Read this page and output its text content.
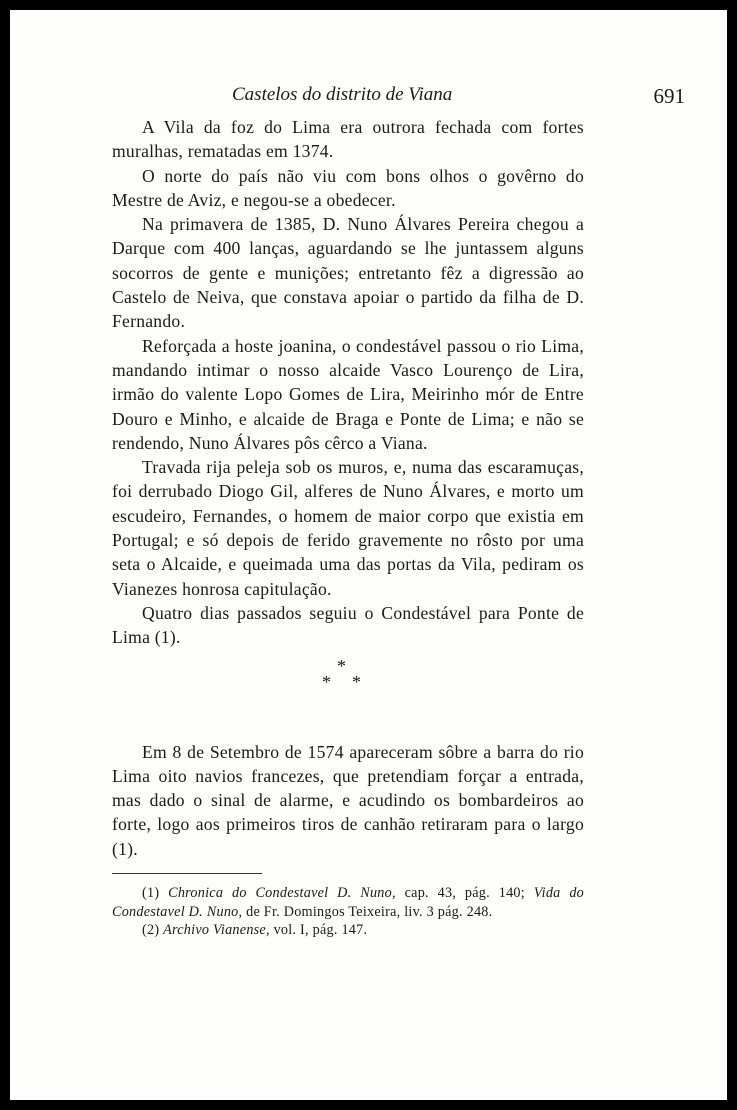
Castelos do distrito de Viana	691

A Vila da foz do Lima era outrora fechada com fortes muralhas, rematadas em 1374.

O norte do país não viu com bons olhos o govêrno do Mestre de Aviz, e negou-se a obedecer.

Na primavera de 1385, D. Nuno Álvares Pereira chegou a Darque com 400 lanças, aguardando se lhe juntassem alguns socorros de gente e munições; entretanto fêz a digressão ao Castelo de Neiva, que constava apoiar o partido da filha de D. Fernando.

Reforçada a hoste joanina, o condestável passou o rio Lima, mandando intimar o nosso alcaide Vasco Lourenço de Lira, irmão do valente Lopo Gomes de Lira, Meirinho mór de Entre Douro e Minho, e alcaide de Braga e Ponte de Lima; e não se rendendo, Nuno Álvares pôs cêrco a Viana.

Travada rija peleja sob os muros, e, numa das escaramuças, foi derrubado Diogo Gil, alferes de Nuno Álvares, e morto um escudeiro, Fernandes, o homem de maior corpo que existia em Portugal; e só depois de ferido gravemente no rôsto por uma seta o Alcaide, e queimada uma das portas da Vila, pediram os Vianezes honrosa capitulação.

Quatro dias passados seguiu o Condestável para Ponte de Lima (1).

*
* *

Em 8 de Setembro de 1574 apareceram sôbre a barra do rio Lima oito navios francezes, que pretendiam forçar a entrada, mas dado o sinal de alarme, e acudindo os bombardeiros ao forte, logo aos primeiros tiros de canhão retiraram para o largo (1).

(1) Chronica do Condestavel D. Nuno, cap. 43, pág. 140; Vida do Condestavel D. Nuno, de Fr. Domingos Teixeira, liv. 3 pág. 248.

(2) Archivo Vianense, vol. I, pág. 147.
